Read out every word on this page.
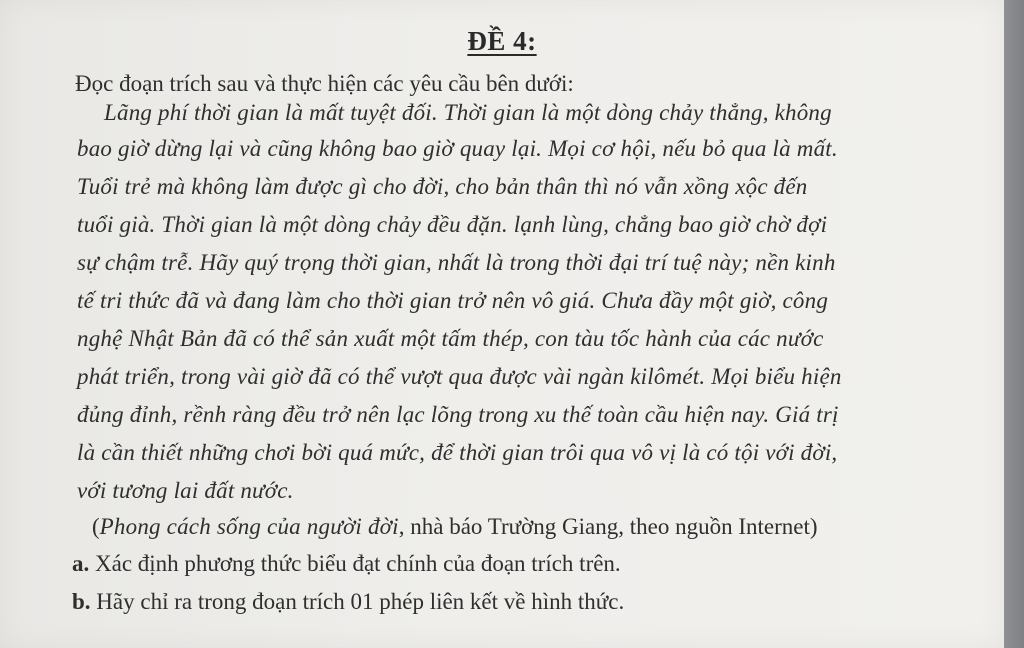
ĐỀ 4:
Đọc đoạn trích sau và thực hiện các yêu cầu bên dưới:
Lãng phí thời gian là mất tuyệt đối. Thời gian là một dòng chảy thẳng, không
bao giờ dừng lại và cũng không bao giờ quay lại. Mọi cơ hội, nếu bỏ qua là mất.
Tuổi trẻ mà không làm được gì cho đời, cho bản thân thì nó vẫn xồng xộc đến
tuổi già. Thời gian là một dòng chảy đều đặn. lạnh lùng, chẳng bao giờ chờ đợi
sự chậm trễ. Hãy quý trọng thời gian, nhất là trong thời đại trí tuệ này; nền kinh
tế tri thức đã và đang làm cho thời gian trở nên vô giá. Chưa đầy một giờ, công
nghệ Nhật Bản đã có thể sản xuất một tấm thép, con tàu tốc hành của các nước
phát triển, trong vài giờ đã có thể vượt qua được vài ngàn kilômét. Mọi biểu hiện
đủng đỉnh, rềnh ràng đều trở nên lạc lõng trong xu thế toàn cầu hiện nay. Giá trị
là cần thiết những chơi bời quá mức, để thời gian trôi qua vô vị là có tội với đời,
với tương lai đất nước.
(Phong cách sống của người đời, nhà báo Trường Giang, theo nguồn Internet)
a. Xác định phương thức biểu đạt chính của đoạn trích trên.
b. Hãy chỉ ra trong đoạn trích 01 phép liên kết về hình thức.
